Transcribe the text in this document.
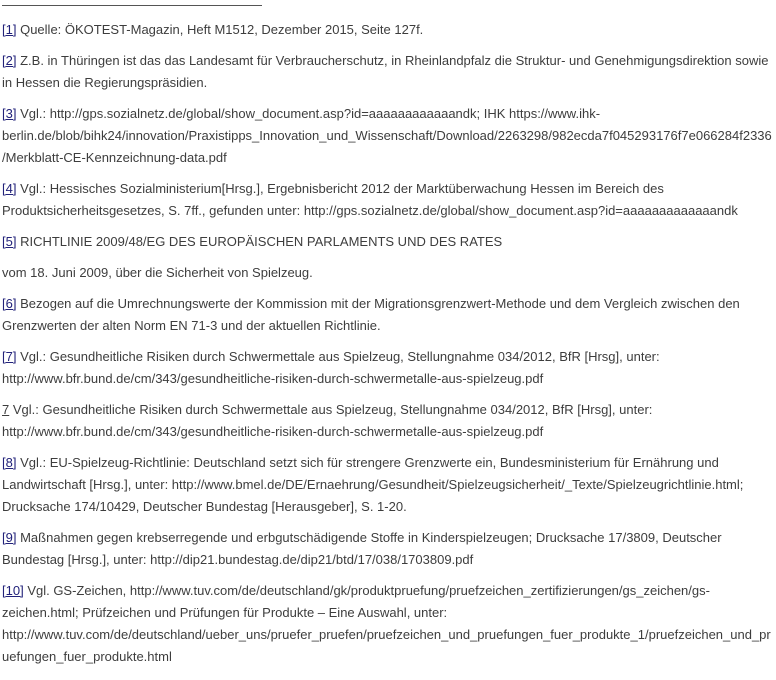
[1] Quelle: ÖKOTEST-Magazin, Heft M1512, Dezember 2015, Seite 127f.

[2] Z.B. in Thüringen ist das das Landesamt für Verbraucherschutz, in Rheinlandpfalz die Struktur- und Genehmigungsdirektion sowie in Hessen die Regierungspräsidien.

[3] Vgl.: http://gps.sozialnetz.de/global/show_document.asp?id=aaaaaaaaaaaandk; IHK https://www.ihk-berlin.de/blob/bihk24/innovation/Praxistipps_Innovation_und_Wissenschaft/Download/2263298/982ecda7f045293176f7e066284f2336/Merkblatt-CE-Kennzeichnung-data.pdf

[4] Vgl.: Hessisches Sozialministerium[Hrsg.], Ergebnisbericht 2012 der Marktüberwachung Hessen im Bereich des Produktsicherheitsgesetzes, S. 7ff., gefunden unter: http://gps.sozialnetz.de/global/show_document.asp?id=aaaaaaaaaaaaandk

[5] RICHTLINIE 2009/48/EG DES EUROPÄISCHEN PARLAMENTS UND DES RATES

vom 18. Juni 2009, über die Sicherheit von Spielzeug.

[6] Bezogen auf die Umrechnungswerte der Kommission mit der Migrationsgrenzwert-Methode und dem Vergleich zwischen den Grenzwerten der alten Norm EN 71-3 und der aktuellen Richtlinie.

[7] Vgl.: Gesundheitliche Risiken durch Schwermettale aus Spielzeug, Stellungnahme 034/2012, BfR [Hrsg], unter: http://www.bfr.bund.de/cm/343/gesundheitliche-risiken-durch-schwermetalle-aus-spielzeug.pdf

7 Vgl.: Gesundheitliche Risiken durch Schwermettale aus Spielzeug, Stellungnahme 034/2012, BfR [Hrsg], unter: http://www.bfr.bund.de/cm/343/gesundheitliche-risiken-durch-schwermetalle-aus-spielzeug.pdf

[8] Vgl.: EU-Spielzeug-Richtlinie: Deutschland setzt sich für strengere Grenzwerte ein, Bundesministerium für Ernährung und Landwirtschaft [Hrsg.], unter: http://www.bmel.de/DE/Ernaehrung/Gesundheit/Spielzeugsicherheit/_Texte/Spielzeugrichtlinie.html; Drucksache 174/10429, Deutscher Bundestag [Herausgeber], S. 1-20.

[9] Maßnahmen gegen krebserregende und erbgutschädigende Stoffe in Kinderspielzeugen; Drucksache 17/3809, Deutscher Bundestag [Hrsg.], unter: http://dip21.bundestag.de/dip21/btd/17/038/1703809.pdf

[10] Vgl. GS-Zeichen, http://www.tuv.com/de/deutschland/gk/produktpruefung/pruefzeichen_zertifizierungen/gs_zeichen/gs-zeichen.html; Prüfzeichen und Prüfungen für Produkte – Eine Auswahl, unter: http://www.tuv.com/de/deutschland/ueber_uns/pruefer_pruefen/pruefzeichen_und_pruefungen_fuer_produkte_1/pruefzeichen_und_pruefungen_fuer_produkte.html
